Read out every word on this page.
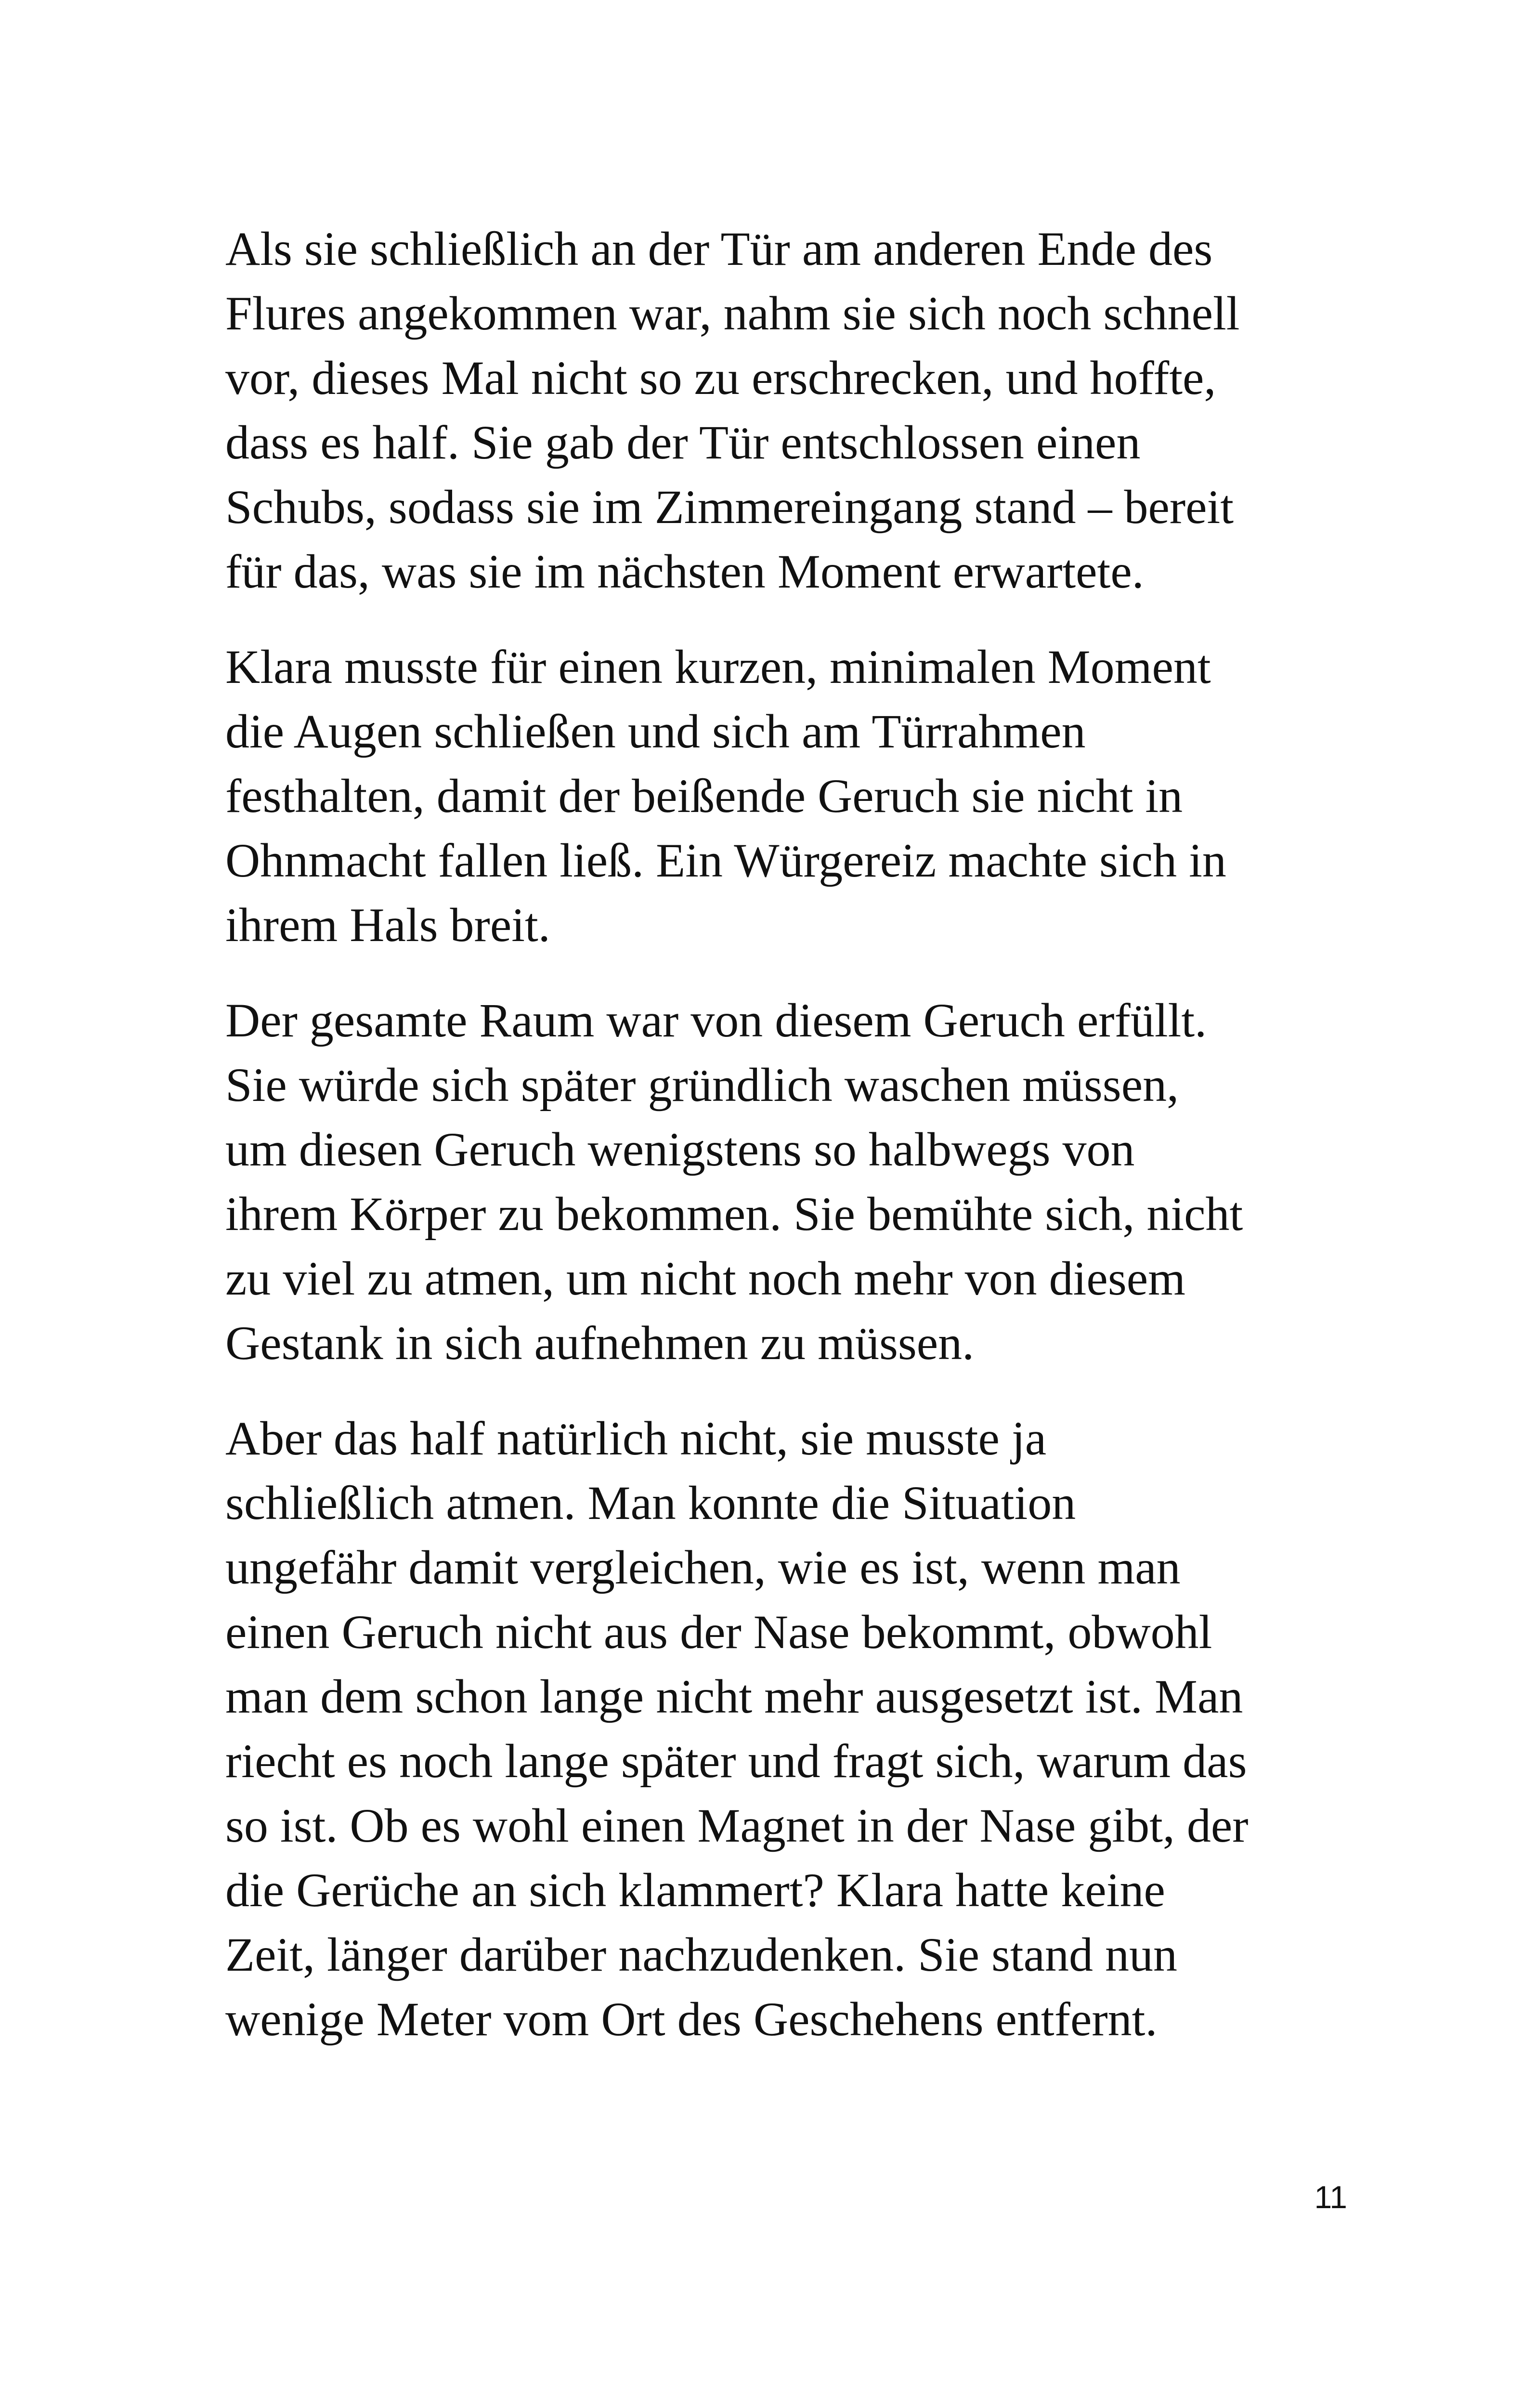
Als sie schließlich an der Tür am anderen Ende des
Flures angekommen war, nahm sie sich noch schnell
vor, dieses Mal nicht so zu erschrecken, und hoffte,
dass es half. Sie gab der Tür entschlossen einen
Schubs, sodass sie im Zimmereingang stand – bereit
für das, was sie im nächsten Moment erwartete.

Klara musste für einen kurzen, minimalen Moment
die Augen schließen und sich am Türrahmen
festhalten, damit der beißende Geruch sie nicht in
Ohnmacht fallen ließ. Ein Würgereiz machte sich in
ihrem Hals breit.

Der gesamte Raum war von diesem Geruch erfüllt.
Sie würde sich später gründlich waschen müssen,
um diesen Geruch wenigstens so halbwegs von
ihrem Körper zu bekommen. Sie bemühte sich, nicht
zu viel zu atmen, um nicht noch mehr von diesem
Gestank in sich aufnehmen zu müssen.

Aber das half natürlich nicht, sie musste ja
schließlich atmen. Man konnte die Situation
ungefähr damit vergleichen, wie es ist, wenn man
einen Geruch nicht aus der Nase bekommt, obwohl
man dem schon lange nicht mehr ausgesetzt ist. Man
riecht es noch lange später und fragt sich, warum das
so ist. Ob es wohl einen Magnet in der Nase gibt, der
die Gerüche an sich klammert? Klara hatte keine
Zeit, länger darüber nachzudenken. Sie stand nun
wenige Meter vom Ort des Geschehens entfernt.

11
